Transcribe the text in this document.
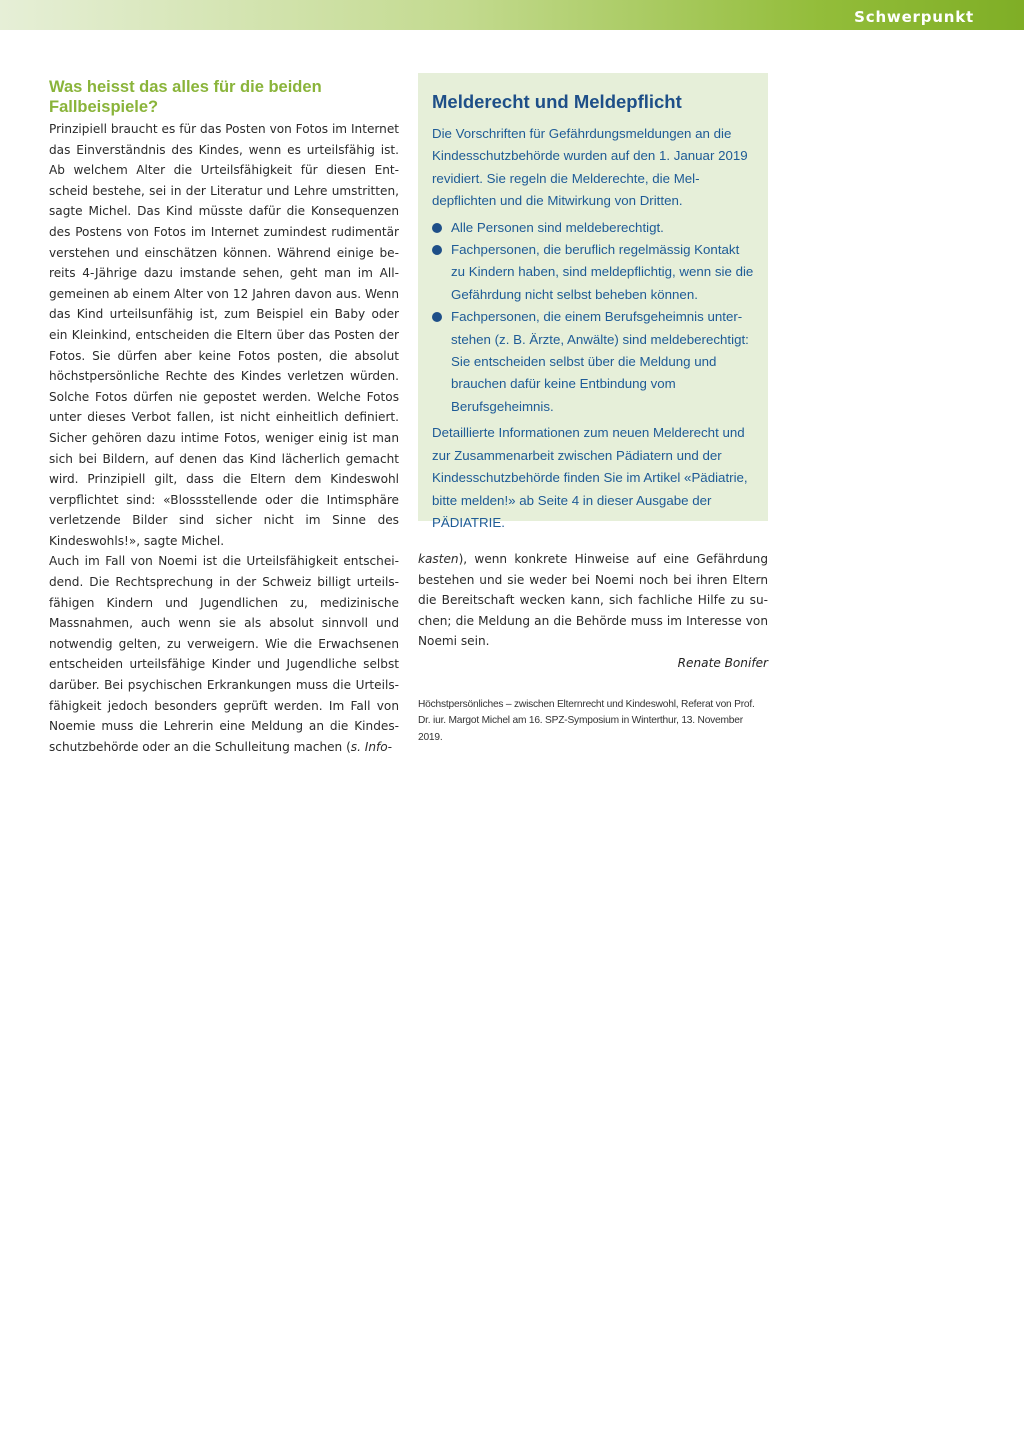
Schwerpunkt
Was heisst das alles für die beiden Fallbeispiele?

Prinzipiell braucht es für das Posten von Fotos im Internet das Einverständnis des Kindes, wenn es urteilsfähig ist. Ab welchem Alter die Urteilsfähigkeit für diesen Entscheid bestehe, sei in der Literatur und Lehre umstritten, sagte Michel. Das Kind müsste dafür die Konsequenzen des Postens von Fotos im Internet zumindest rudimentär verstehen und einschätzen können. Während einige bereits 4-Jährige dazu imstande sehen, geht man im Allgemeinen ab einem Alter von 12 Jahren davon aus. Wenn das Kind urteilsunfähig ist, zum Beispiel ein Baby oder ein Kleinkind, entscheiden die Eltern über das Posten der Fotos. Sie dürfen aber keine Fotos posten, die absolut höchstpersönliche Rechte des Kindes verletzen würden. Solche Fotos dürfen nie gepostet werden. Welche Fotos unter dieses Verbot fallen, ist nicht einheitlich definiert. Sicher gehören dazu intime Fotos, weniger einig ist man sich bei Bildern, auf denen das Kind lächerlich gemacht wird. Prinzipiell gilt, dass die Eltern dem Kindeswohl verpflichtet sind: «Blossstellende oder die Intimsphäre verletzende Bilder sind sicher nicht im Sinne des Kindeswohls!», sagte Michel.

Auch im Fall von Noemi ist die Urteilsfähigkeit entscheidend. Die Rechtsprechung in der Schweiz billigt urteilsfähigen Kindern und Jugendlichen zu, medizinische Massnahmen, auch wenn sie als absolut sinnvoll und notwendig gelten, zu verweigern. Wie die Erwachsenen entscheiden urteilsfähige Kinder und Jugendliche selbst darüber. Bei psychischen Erkrankungen muss die Urteilsfähigkeit jedoch besonders geprüft werden. Im Fall von Noemie muss die Lehrerin eine Meldung an die Kindesschutzbehörde oder an die Schulleitung machen (s. Info-

Melderecht und Meldepflicht

Die Vorschriften für Gefährdungsmeldungen an die Kindesschutzbehörde wurden auf den 1. Januar 2019 revidiert. Sie regeln die Melderechte, die Meldepflichten und die Mitwirkung von Dritten.

Alle Personen sind meldeberechtigt.
Fachpersonen, die beruflich regelmässig Kontakt zu Kindern haben, sind meldepflichtig, wenn sie die Gefährdung nicht selbst beheben können.
Fachpersonen, die einem Berufsgeheimnis unterstehen (z. B. Ärzte, Anwälte) sind meldeberechtigt: Sie entscheiden selbst über die Meldung und brauchen dafür keine Entbindung vom Berufsgeheimnis.

Detaillierte Informationen zum neuen Melderecht und zur Zusammenarbeit zwischen Pädiatern und der Kindesschutzbehörde finden Sie im Artikel «Pädiatrie, bitte melden!» ab Seite 4 in dieser Ausgabe der PÄDIATRIE.

kasten), wenn konkrete Hinweise auf eine Gefährdung bestehen und sie weder bei Noemi noch bei ihren Eltern die Bereitschaft wecken kann, sich fachliche Hilfe zu suchen; die Meldung an die Behörde muss im Interesse von Noemi sein.

Renate Bonifer

Höchstpersönliches – zwischen Elternrecht und Kindeswohl, Referat von Prof. Dr. iur. Margot Michel am 16. SPZ-Symposium in Winterthur, 13. November 2019.
